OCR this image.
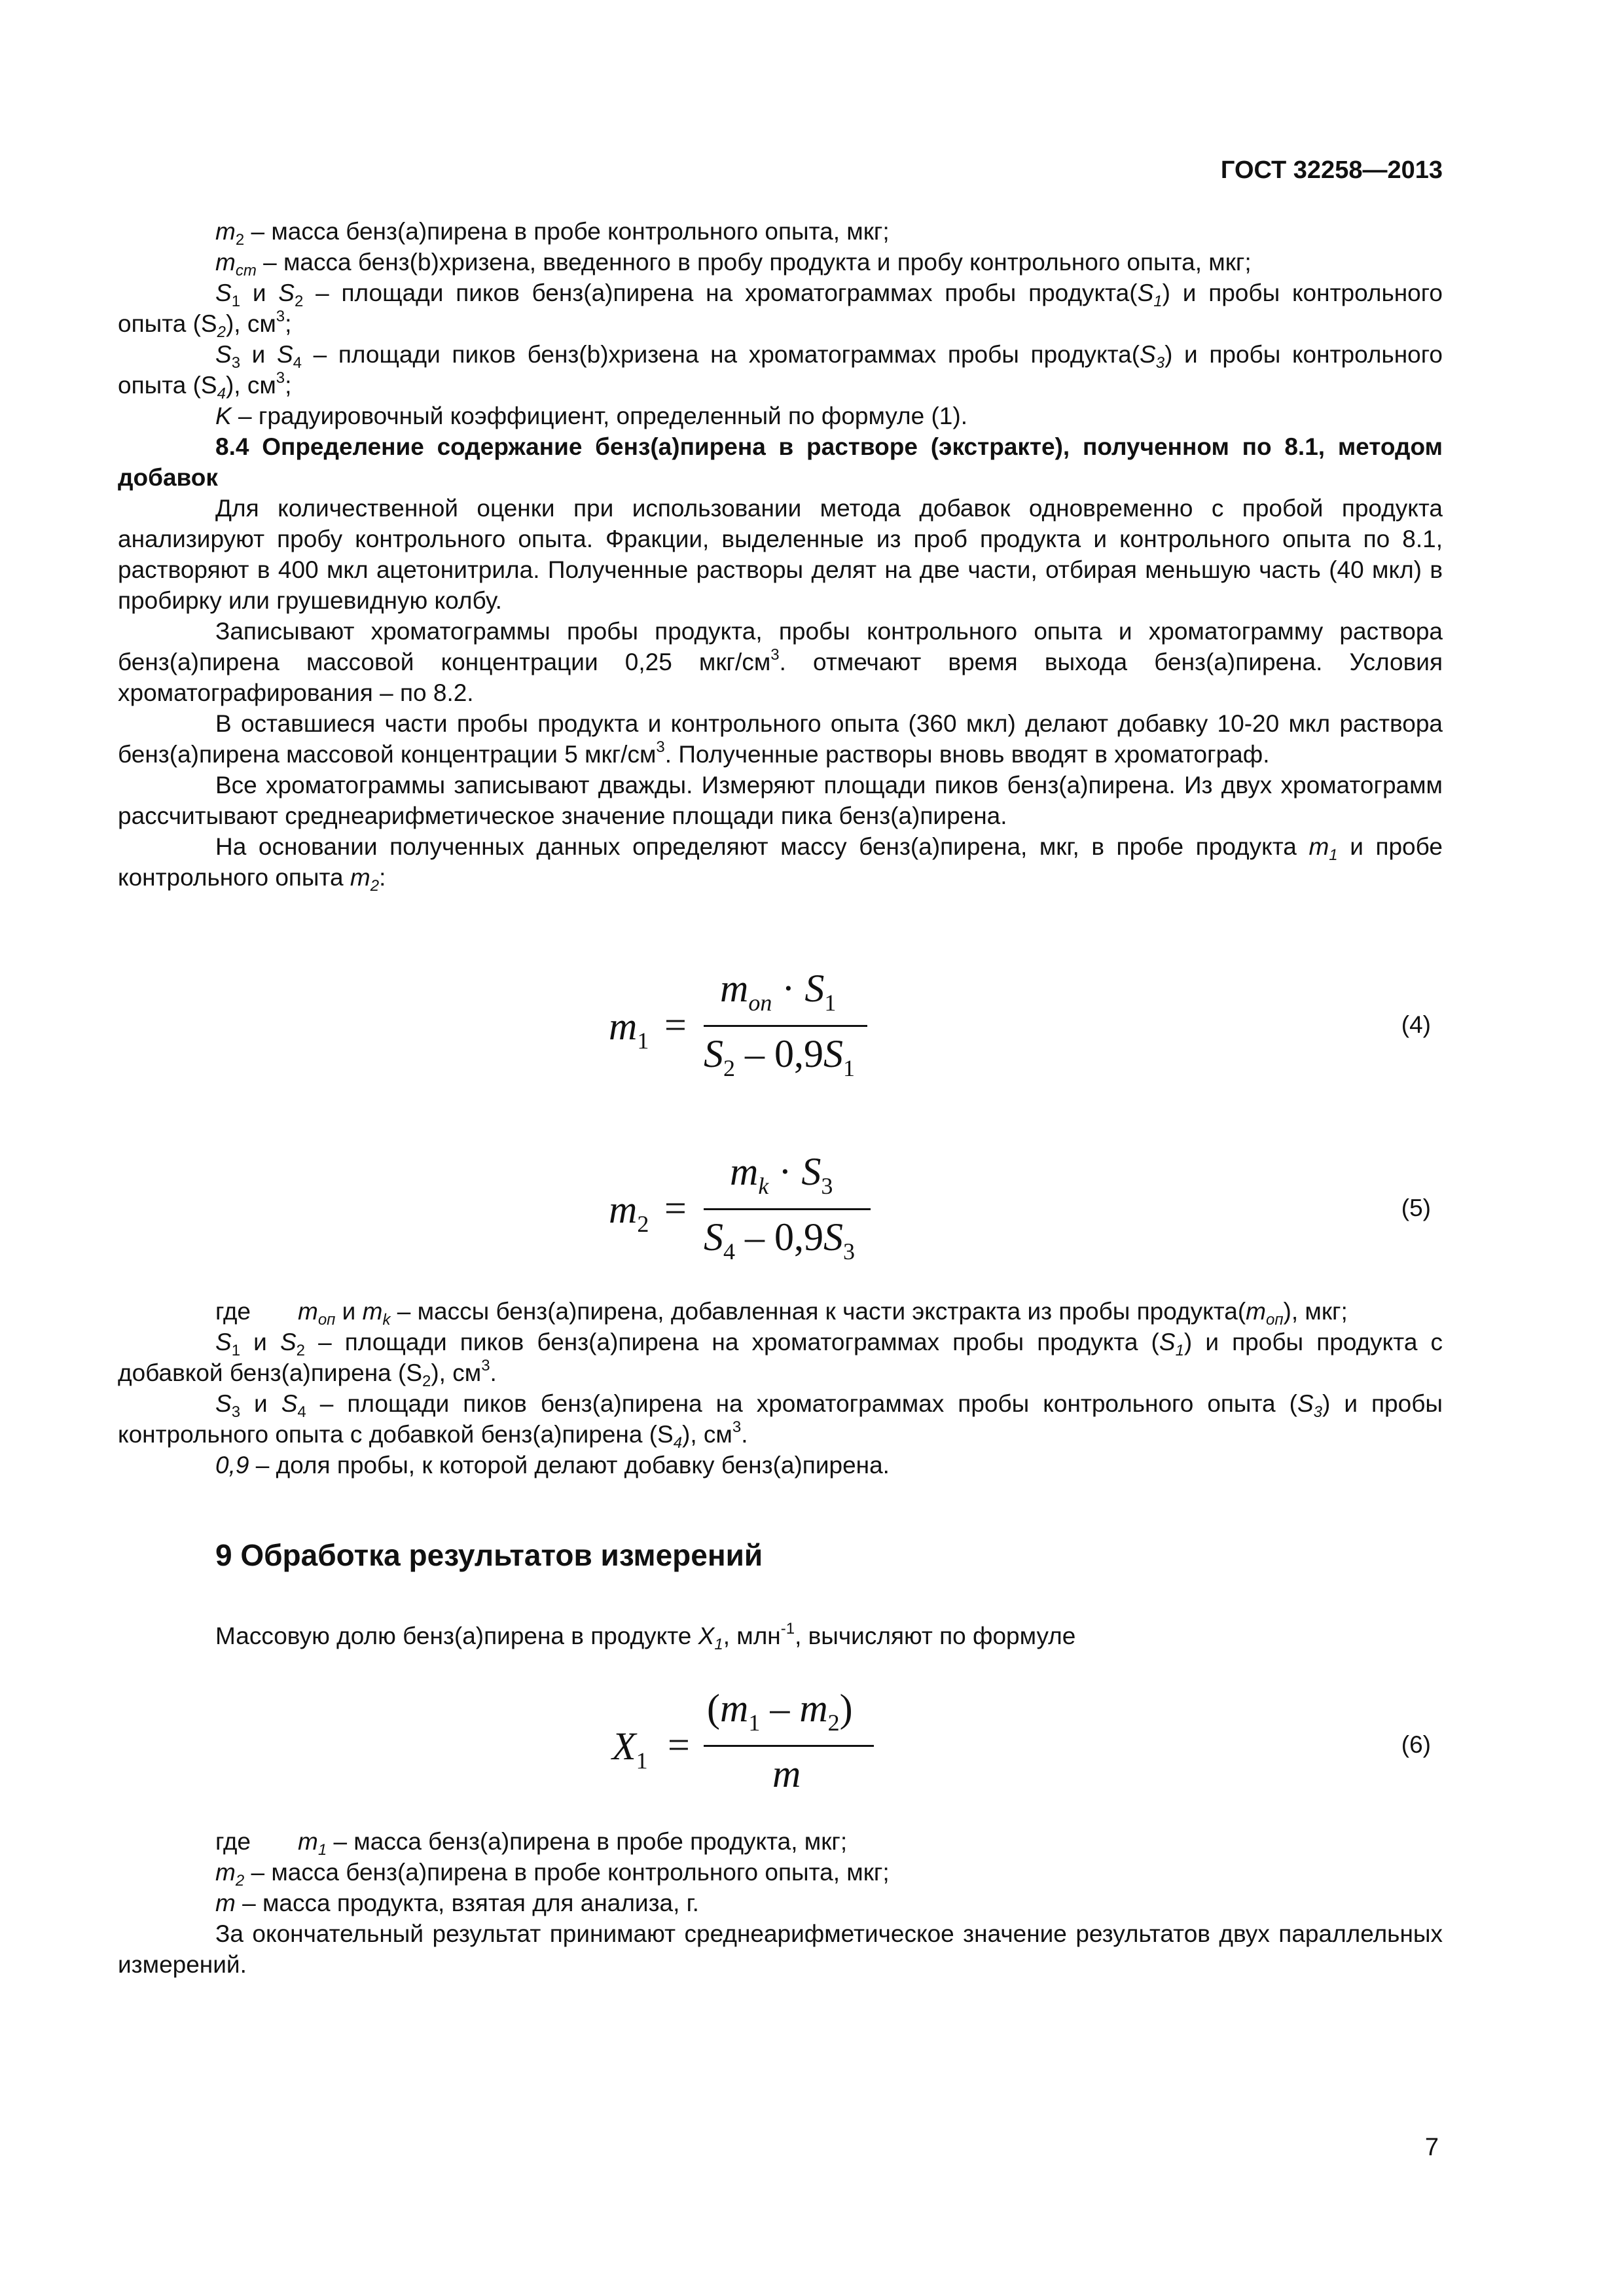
ГОСТ 32258—2013

$m_2$ – масса бенз(а)пирена в пробе контрольного опыта, мкг;

$m_{cm}$ – масса бенз(b)хризена, введенного в пробу продукта и пробу контрольного опыта, мкг;

$S_1$ и $S_2$ – площади пиков бенз(а)пирена на хроматограммах пробы $продукта(S_1)$ и пробы контрольного опыта $(S_2)$, $см^3$;

$S_3$ и $S_4$ – площади пиков бенз(b)хризена на хроматограммах пробы $продукта(S_3)$ и пробы контрольного опыта $(S_4)$, $см^3$;

K – градуировочный коэффициент, определенный по формуле (1).

8.4 Определение содержание бенз(а)пирена в растворе (экстракте), полученном по 8.1, методом добавок

Для количественной оценки при использовании метода добавок одновременно с пробой продукта анализируют пробу контрольного опыта. Фракции, выделенные из проб продукта и контрольного опыта по 8.1, растворяют в 400 мкл ацетонитрила. Полученные растворы делят на две части, отбирая меньшую часть (40 мкл) в пробирку или грушевидную колбу.

Записывают хроматограммы пробы продукта, пробы контрольного опыта и хроматограмму раствора бенз(а)пирена массовой концентрации 0,25 мкг/$см^3$. отмечают время выхода бенз(а)пирена. Условия хроматографирования – по 8.2.

В оставшиеся части пробы продукта и контрольного опыта (360 мкл) делают добавку 10-20 мкл раствора бенз(а)пирена массовой концентрации 5 мкг/$см^3$. Полученные растворы вновь вводят в хроматограф.

Все хроматограммы записывают дважды. Измеряют площади пиков бенз(а)пирена. Из двух хроматограмм рассчитывают среднеарифметическое значение площади пика бенз(а)пирена.

На основании полученных данных определяют массу бенз(а)пирена, мкг, в пробе продукта $m_1$ и пробе контрольного опыта $m_2$:

$m_1$ =
$m_{оп} \cdot S_1$
$S_2 - 0,9S_1$
(4)
$m_2$ =
$m_k \cdot S_3$
$S_4 - 0,9S_3$
(5)

где $m_{оп}$ и $m_k$ – массы бенз(а)пирена, добавленная к части экстракта из пробы $продукта(m_{оп})$, мкг;

$S_1$ и $S_2$ – площади пиков бенз(а)пирена на хроматограммах пробы продукта $(S_1)$ и пробы продукта с добавкой бенз(а)пирена $(S_2)$, $см^3$.

$S_3$ и $S_4$ – площади пиков бенз(а)пирена на хроматограммах пробы контрольного опыта $(S_3)$ и пробы контрольного опыта с добавкой бенз(а)пирена $(S_4)$, $см^3$.

0,9 – доля пробы, к которой делают добавку бенз(а)пирена.

9 Обработка результатов измерений

Массовую долю бенз(а)пирена в продукте $X_1$, млн$^{-1}$, вычисляют по формуле

$X_1$ =
$(m_1 - m_2)$
m
(6)

где $m_1$ – масса бенз(а)пирена в пробе продукта, мкг;

$m_2$ – масса бенз(а)пирена в пробе контрольного опыта, мкг;

m – масса продукта, взятая для анализа, г.

За окончательный результат принимают среднеарифметическое значение результатов двух параллельных измерений.

7
